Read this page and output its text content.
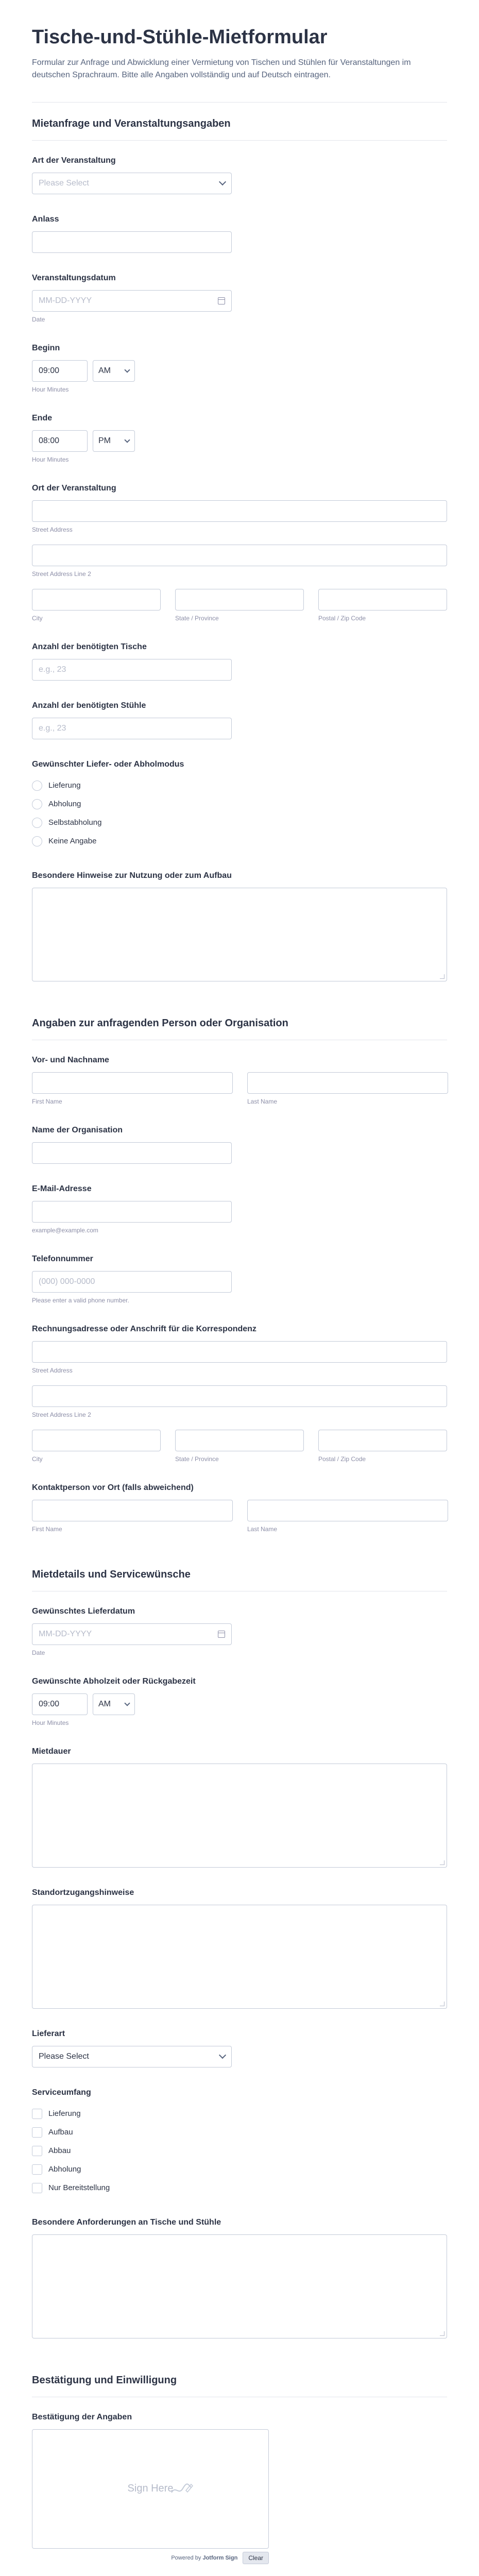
Tische-und-Stühle-Mietformular

Formular zur Anfrage und Abwicklung einer Vermietung von Tischen und Stühlen für Veranstaltungen im deutschen Sprachraum. Bitte alle Angaben vollständig und auf Deutsch eintragen.

Mietanfrage und Veranstaltungsangaben
Art der Veranstaltung
Please Select
Anlass
Veranstaltungsdatum
MM-DD-YYYY
Date
Beginn
09:00	AM
Hour Minutes
Ende
08:00	PM
Hour Minutes
Ort der Veranstaltung
Street Address
Street Address Line 2
City	State / Province	Postal / Zip Code
Anzahl der benötigten Tische
e.g., 23
Anzahl der benötigten Stühle
e.g., 23
Gewünschter Liefer- oder Abholmodus
Lieferung
Abholung
Selbstabholung
Keine Angabe
Besondere Hinweise zur Nutzung oder zum Aufbau
Angaben zur anfragenden Person oder Organisation
Vor- und Nachname
First Name	Last Name
Name der Organisation
E-Mail-Adresse
example@example.com
Telefonnummer
(000) 000-0000
Please enter a valid phone number.
Rechnungsadresse oder Anschrift für die Korrespondenz
Street Address
Street Address Line 2
City	State / Province	Postal / Zip Code
Kontaktperson vor Ort (falls abweichend)
First Name	Last Name
Mietdetails und Servicewünsche
Gewünschtes Lieferdatum
MM-DD-YYYY
Date
Gewünschte Abholzeit oder Rückgabezeit
09:00	AM
Hour Minutes
Mietdauer
Standortzugangshinweise
Lieferart
Please Select
Serviceumfang
Lieferung
Aufbau
Abbau
Abholung
Nur Bereitstellung
Besondere Anforderungen an Tische und Stühle
Bestätigung und Einwilligung
Bestätigung der Angaben
Sign Here
Powered by Jotform Sign	Clear
